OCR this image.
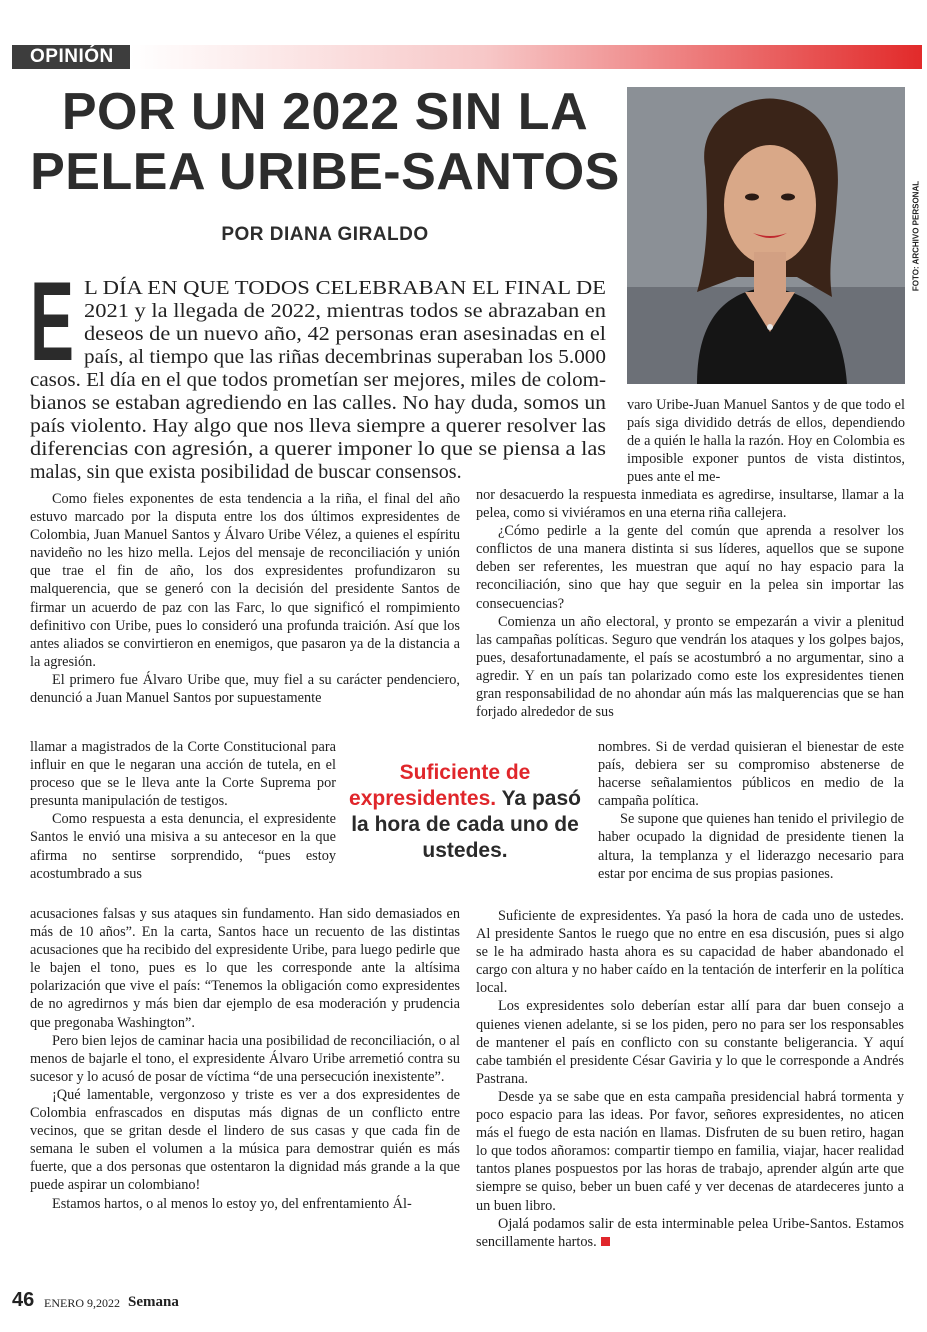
OPINIÓN
POR UN 2022 SIN LA
PELEA URIBE-SANTOS
POR DIANA GIRALDO	FOTO: ARCHIVO PERSONAL
E L DÍA EN QUE TODOS CELEBRABAN EL FINAL DE
2021 y la llegada de 2022, mientras todos se abrazaban en
deseos de un nuevo año, 42 personas eran asesinadas en el
país, al tiempo que las riñas decembrinas superaban los 5.000
casos. El día en el que todos prometían ser mejores, miles de colom-
bianos se estaban agrediendo en las calles. No hay duda, somos un
país violento. Hay algo que nos lleva siempre a querer resolver las
diferencias con agresión, a querer imponer lo que se piensa a las
malas, sin que exista posibilidad de buscar consensos.

varo Uribe-Juan Manuel Santos y de que todo el país siga dividido detrás de ellos, dependiendo de a quién le halla la razón. Hoy en Colombia es imposible exponer puntos de vista distintos, pues ante el me-

Como fieles exponentes de esta tendencia a la riña, el final del año estuvo marcado por la disputa entre los dos últimos expresidentes de Colombia, Juan Manuel Santos y Álvaro Uribe Vélez, a quienes el espíritu navideño no les hizo mella. Lejos del mensaje de reconciliación y unión que trae el fin de año, los dos expresidentes profundizaron su malquerencia, que se generó con la decisión del presidente Santos de firmar un acuerdo de paz con las Farc, lo que significó el rompimiento definitivo con Uribe, pues lo consideró una profunda traición. Así que los antes aliados se convirtieron en enemigos, que pasaron ya de la distancia a la agresión.

El primero fue Álvaro Uribe que, muy fiel a su carácter pendenciero, denunció a Juan Manuel Santos por supuestamente

llamar a magistrados de la Corte Constitucional para influir en que le negaran una acción de tutela, en el proceso que se le lleva ante la Corte Suprema por presunta manipulación de testigos.

Como respuesta a esta denuncia, el expresidente Santos le envió una misiva a su antecesor en la que afirma no sentirse sorprendido, “pues estoy acostumbrado a sus

acusaciones falsas y sus ataques sin fundamento. Han sido demasiados en más de 10 años”. En la carta, Santos hace un recuento de las distintas acusaciones que ha recibido del expresidente Uribe, para luego pedirle que le bajen el tono, pues es lo que les corresponde ante la altísima polarización que vive el país: “Tenemos la obligación como expresidentes de no agredirnos y más bien dar ejemplo de esa moderación y prudencia que pregonaba Washington”.

Pero bien lejos de caminar hacia una posibilidad de reconciliación, o al menos de bajarle el tono, el expresidente Álvaro Uribe arremetió contra su sucesor y lo acusó de posar de víctima “de una persecución inexistente”.

¡Qué lamentable, vergonzoso y triste es ver a dos expresidentes de Colombia enfrascados en disputas más dignas de un conflicto entre vecinos, que se gritan desde el lindero de sus casas y que cada fin de semana le suben el volumen a la música para demostrar quién es más fuerte, que a dos personas que ostentaron la dignidad más grande a la que puede aspirar un colombiano!

Estamos hartos, o al menos lo estoy yo, del enfrentamiento Ál-

Suficiente de expresidentes. Ya pasó la hora de cada uno de ustedes.

nor desacuerdo la respuesta inmediata es agredirse, insultarse, llamar a la pelea, como si viviéramos en una eterna riña callejera.

¿Cómo pedirle a la gente del común que aprenda a resolver los conflictos de una manera distinta si sus líderes, aquellos que se supone deben ser referentes, les muestran que aquí no hay espacio para la reconciliación, sino que hay que seguir en la pelea sin importar las consecuencias?

Comienza un año electoral, y pronto se empezarán a vivir a plenitud las campañas políticas. Seguro que vendrán los ataques y los golpes bajos, pues, desafortunadamente, el país se acostumbró a no argumentar, sino a agredir. Y en un país tan polarizado como este los expresidentes tienen gran responsabilidad de no ahondar aún más las malquerencias que se han forjado alrededor de sus

nombres. Si de verdad quisieran el bienestar de este país, debiera ser su compromiso abstenerse de hacerse señalamientos públicos en medio de la campaña política.

Se supone que quienes han tenido el privilegio de haber ocupado la dignidad de presidente tienen la altura, la templanza y el liderazgo necesario para estar por encima de sus propias pasiones.

Suficiente de expresidentes. Ya pasó la hora de cada uno de ustedes. Al presidente Santos le ruego que no entre en esa discusión, pues si algo se le ha admirado hasta ahora es su capacidad de haber abandonado el cargo con altura y no haber caído en la tentación de interferir en la política local.

Los expresidentes solo deberían estar allí para dar buen consejo a quienes vienen adelante, si se los piden, pero no para ser los responsables de mantener el país en conflicto con su constante beligerancia. Y aquí cabe también el presidente César Gaviria y lo que le corresponde a Andrés Pastrana.

Desde ya se sabe que en esta campaña presidencial habrá tormenta y poco espacio para las ideas. Por favor, señores expresidentes, no aticen más el fuego de esta nación en llamas. Disfruten de su buen retiro, hagan lo que todos añoramos: compartir tiempo en familia, viajar, hacer realidad tantos planes pospuestos por las horas de trabajo, aprender algún arte que siempre se quiso, beber un buen café y ver decenas de atardeceres junto a un buen libro.

Ojalá podamos salir de esta interminable pelea Uribe-Santos. Estamos sencillamente hartos.

46 ENERO 9,2022 Semana
